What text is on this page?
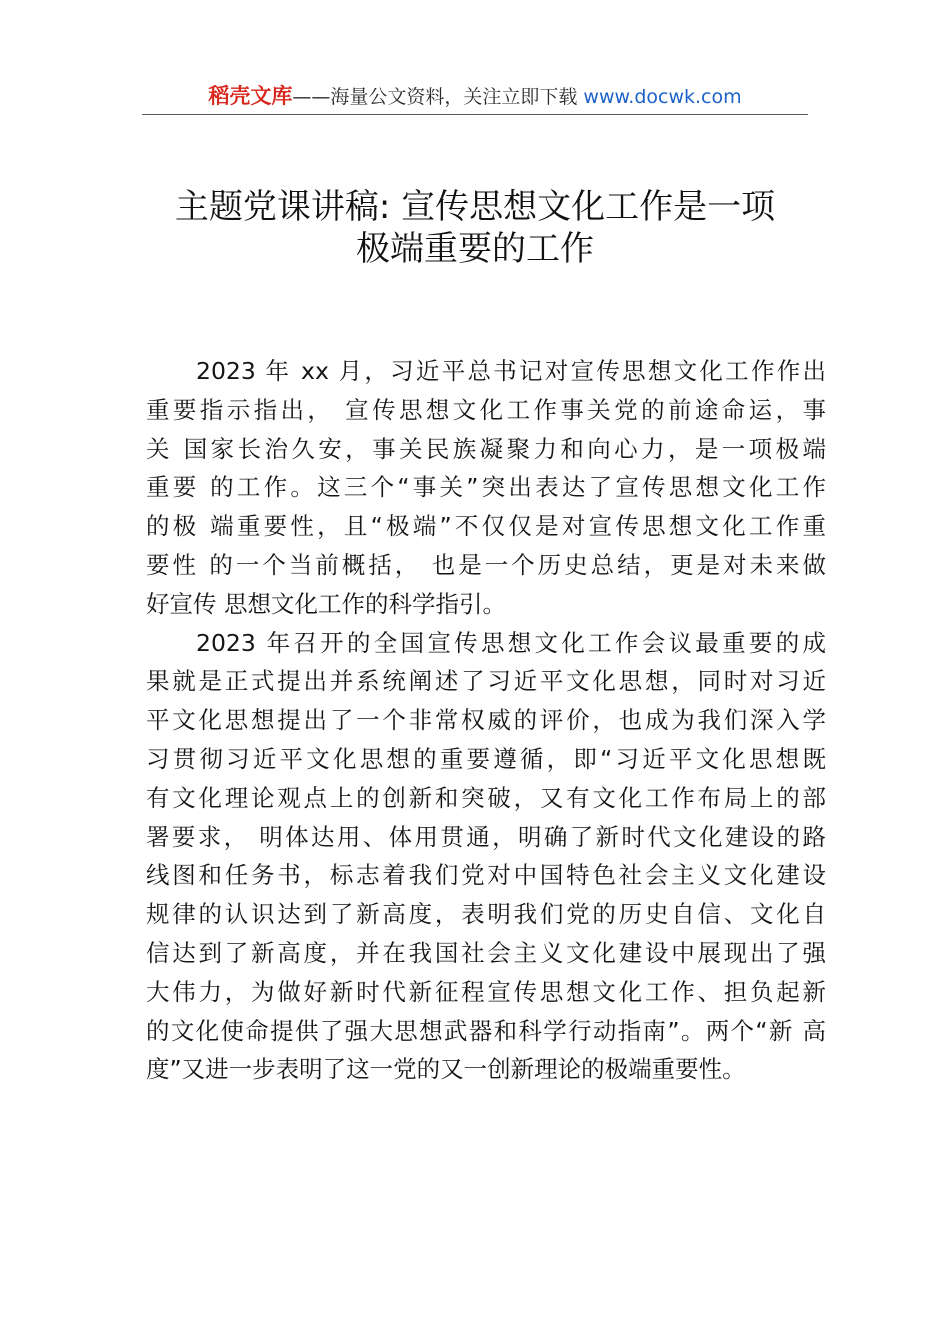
稻壳文库——海量公文资料，关注立即下载 www.docwk.com
主题党课讲稿: 宣传思想文化工作是一项
极端重要的工作
2023 年 xx 月，习近平总书记对宣传思想文化工作作出
重要指示指出， 宣传思想文化工作事关党的前途命运，事
关 国家长治久安，事关民族凝聚力和向心力，是一项极端
重要 的工作。这三个“事关”突出表达了宣传思想文化工作
的极 端重要性，且“极端”不仅仅是对宣传思想文化工作重
要性 的一个当前概括， 也是一个历史总结，更是对未来做
好宣传 思想文化工作的科学指引。
2023 年召开的全国宣传思想文化工作会议最重要的成
果就是正式提出并系统阐述了习近平文化思想，同时对习近
平文化思想提出了一个非常权威的评价，也成为我们深入学
习贯彻习近平文化思想的重要遵循，即“习近平文化思想既
有文化理论观点上的创新和突破，又有文化工作布局上的部
署要求， 明体达用、体用贯通，明确了新时代文化建设的路
线图和任务书，标志着我们党对中国特色社会主义文化建设
规律的认识达到了新高度，表明我们党的历史自信、文化自
信达到了新高度，并在我国社会主义文化建设中展现出了强
大伟力，为做好新时代新征程宣传思想文化工作、担负起新
的文化使命提供了强大思想武器和科学行动指南”。两个“新 高
度”又进一步表明了这一党的又一创新理论的极端重要性。
